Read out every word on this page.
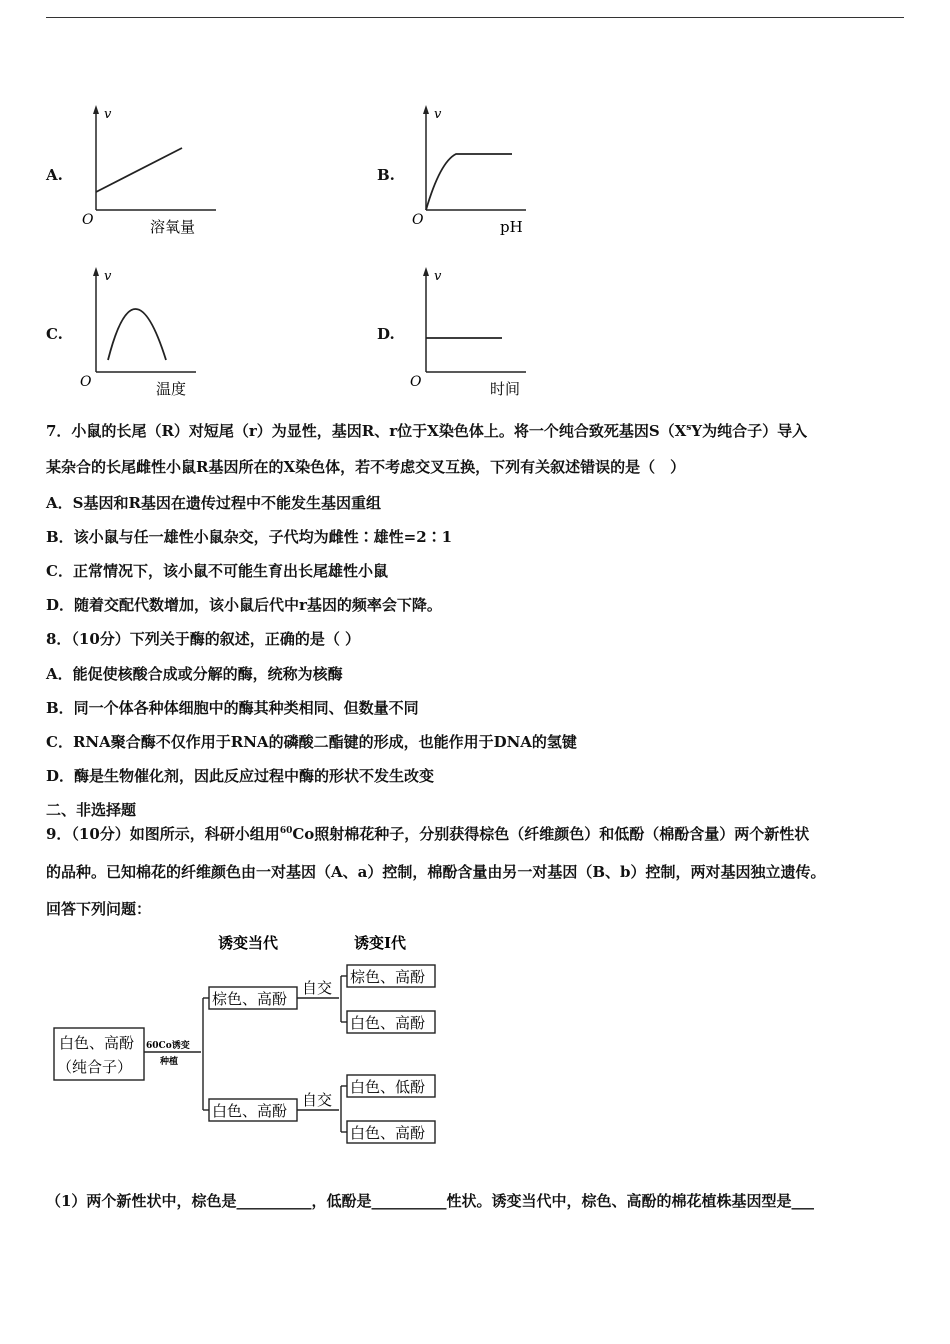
A.
v
O	溶氧量
B.
v
O	pH
C.
v
O	温度
D.
v
O	时间
7．小鼠的长尾（R）对短尾（r）为显性，基因R、r位于X染色体上。将一个纯合致死基因$S(X^sY$为纯合子）导入
某杂合的长尾雌性小鼠R基因所在的X染色体，若不考虑交叉互换，下列有关叙述错误的是（　）
A．S基因和R基因在遗传过程中不能发生基因重组
B．该小鼠与任一雄性小鼠杂交，子代均为雌性∶雄性=2∶1
C．正常情况下，该小鼠不可能生育出长尾雄性小鼠
D．随着交配代数增加，该小鼠后代中r基因的频率会下降。
8．（10分）下列关于酶的叙述，正确的是（ ）
A．能促使核酸合成或分解的酶，统称为核酶
B．同一个体各种体细胞中的酶其种类相同、但数量不同
C．RNA聚合酶不仅作用于RNA的磷酸二酯键的形成，也能作用于DNA的氢键
D．酶是生物催化剂，因此反应过程中酶的形状不发生改变
二、非选择题
9．（10分）如图所示，科研小组用$^{60}$Co照射棉花种子，分别获得棕色（纤维颜色）和低酚（棉酚含量）两个新性状
的品种。已知棉花的纤维颜色由一对基因（A、a）控制，棉酚含量由另一对基因（B、b）控制，两对基因独立遗传。
回答下列问题：
诱变当代	诱变Ⅰ代
白色、高酚
（纯合子）
60Co诱变
种植
棕色、高酚
白色、高酚
自交
自交
棕色、高酚
白色、高酚
白色、低酚
白色、高酚
（1）两个新性状中，棕色是__________，低酚是__________性状。诱变当代中，棕色、高酚的棉花植株基因型是___
